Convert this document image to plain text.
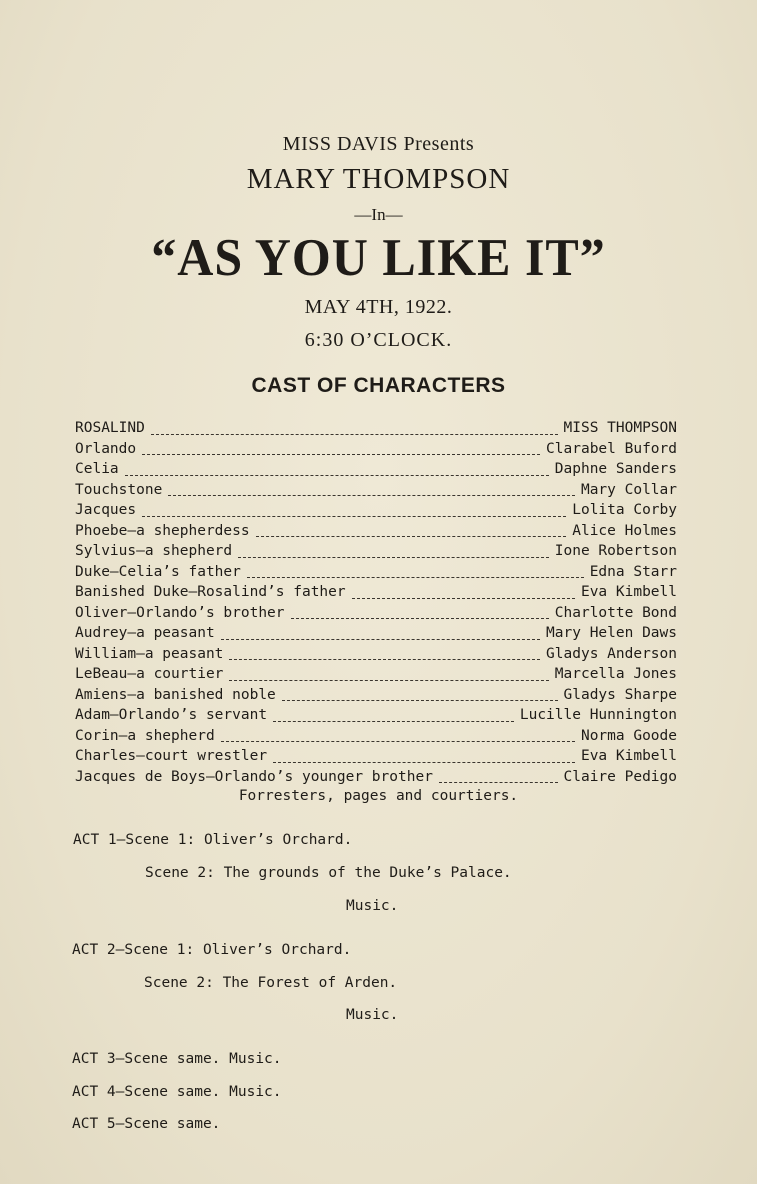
MISS DAVIS Presents
MARY THOMPSON
—In—
“AS YOU LIKE IT”
MAY 4TH, 1922.
6:30 O’CLOCK.
CAST OF CHARACTERS
ROSALIND	MISS THOMPSON
Orlando	Clarabel Buford
Celia	Daphne Sanders
Touchstone	Mary Collar
Jacques	Lolita Corby
Phoebe—a shepherdess	Alice Holmes
Sylvius—a shepherd	Ione Robertson
Duke—Celia’s father	Edna Starr
Banished Duke—Rosalind’s father	Eva Kimbell
Oliver—Orlando’s brother	Charlotte Bond
Audrey—a peasant	Mary Helen Daws
William—a peasant	Gladys Anderson
LeBeau—a courtier	Marcella Jones
Amiens—a banished noble	Gladys Sharpe
Adam—Orlando’s servant	Lucille Hunnington
Corin—a shepherd	Norma Goode
Charles—court wrestler	Eva Kimbell
Jacques de Boys—Orlando’s younger brother	Claire Pedigo
Forresters, pages and courtiers.
ACT 1—Scene 1: Oliver’s Orchard.
Scene 2: The grounds of the Duke’s Palace.
Music.
ACT 2—Scene 1: Oliver’s Orchard.
Scene 2: The Forest of Arden.
Music.
ACT 3—Scene same. Music.
ACT 4—Scene same. Music.
ACT 5—Scene same.
